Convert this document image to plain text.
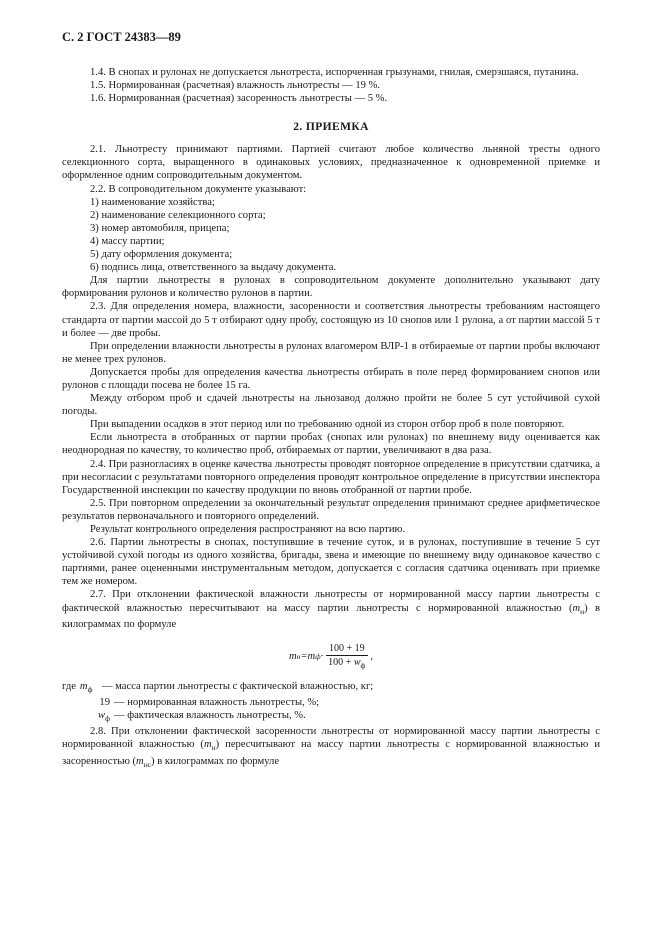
С. 2 ГОСТ 24383—89

1.4. В снопах и рулонах не допускается льнотреста, испорченная грызунами, гнилая, смерзшаяся, путанина.

1.5. Нормированная (расчетная) влажность льнотресты — 19 %.

1.6. Нормированная (расчетная) засоренность льнотресты — 5 %.

2. ПРИЕМКА

2.1. Льнотресту принимают партиями. Партией считают любое количество льняной тресты одного селекционного сорта, выращенного в одинаковых условиях, предназначенное к одновременной приемке и оформленное одним сопроводительным документом.

2.2. В сопроводительном документе указывают:

1) наименование хозяйства;

2) наименование селекционного сорта;

3) номер автомобиля, прицепа;

4) массу партии;

5) дату оформления документа;

6) подпись лица, ответственного за выдачу документа.

Для партии льнотресты в рулонах в сопроводительном документе дополнительно указывают дату формирования рулонов и количество рулонов в партии.

2.3. Для определения номера, влажности, засоренности и соответствия льнотресты требованиям настоящего стандарта от партии массой до 5 т отбирают одну пробу, состоящую из 10 снопов или 1 рулона, а от партии массой 5 т и более — две пробы.

При определении влажности льнотресты в рулонах влагомером ВЛР-1 в отбираемые от партии пробы включают не менее трех рулонов.

Допускается пробы для определения качества льнотресты отбирать в поле перед формированием снопов или рулонов с площади посева не более 15 га.

Между отбором проб и сдачей льнотресты на льнозавод должно пройти не более 5 сут устойчивой сухой погоды.

При выпадении осадков в этот период или по требованию одной из сторон отбор проб в поле повторяют.

Если льнотреста в отобранных от партии пробах (снопах или рулонах) по внешнему виду оценивается как неоднородная по качеству, то количество проб, отбираемых от партии, увеличивают в два раза.

2.4. При разногласиях в оценке качества льнотресты проводят повторное определение в присутствии сдатчика, а при несогласии с результатами повторного определения проводят контрольное определение в присутствии инспектора Государственной инспекции по качеству продукции по вновь отобранной от партии пробе.

2.5. При повторном определении за окончательный результат определения принимают среднее арифметическое результатов первоначального и повторного определений.

Результат контрольного определения распространяют на всю партию.

2.6. Партии льнотресты в снопах, поступившие в течение суток, и в рулонах, поступившие в течение 5 сут устойчивой сухой погоды из одного хозяйства, бригады, звена и имеющие по внешнему виду одинаковое качество с партиями, ранее оцененными инструментальным методом, допускается с согласия сдатчика оценивать при приемке тем же номером.

2.7. При отклонении фактической влажности льнотресты от нормированной массу партии льнотресты с фактической влажностью пересчитывают на массу партии льнотресты с нормированной влажностью $(m_н)$ в килограммах по формуле

m н = m $ф \cdot \frac{100 + 19}{100 + w_ф}$ ,
где $m_ф$ — масса партии льнотресты с фактической влажностью, кг;
19 — нормированная влажность льнотресты, %;
$w_ф$ — фактическая влажность льнотресты, %.

2.8. При отклонении фактической засоренности льнотресты от нормированной массу партии льнотресты с нормированной влажностью $(m_н)$ пересчитывают на массу партии льнотресты с нормированной влажностью и засоренностью $(m_{нс})$ в килограммах по формуле
